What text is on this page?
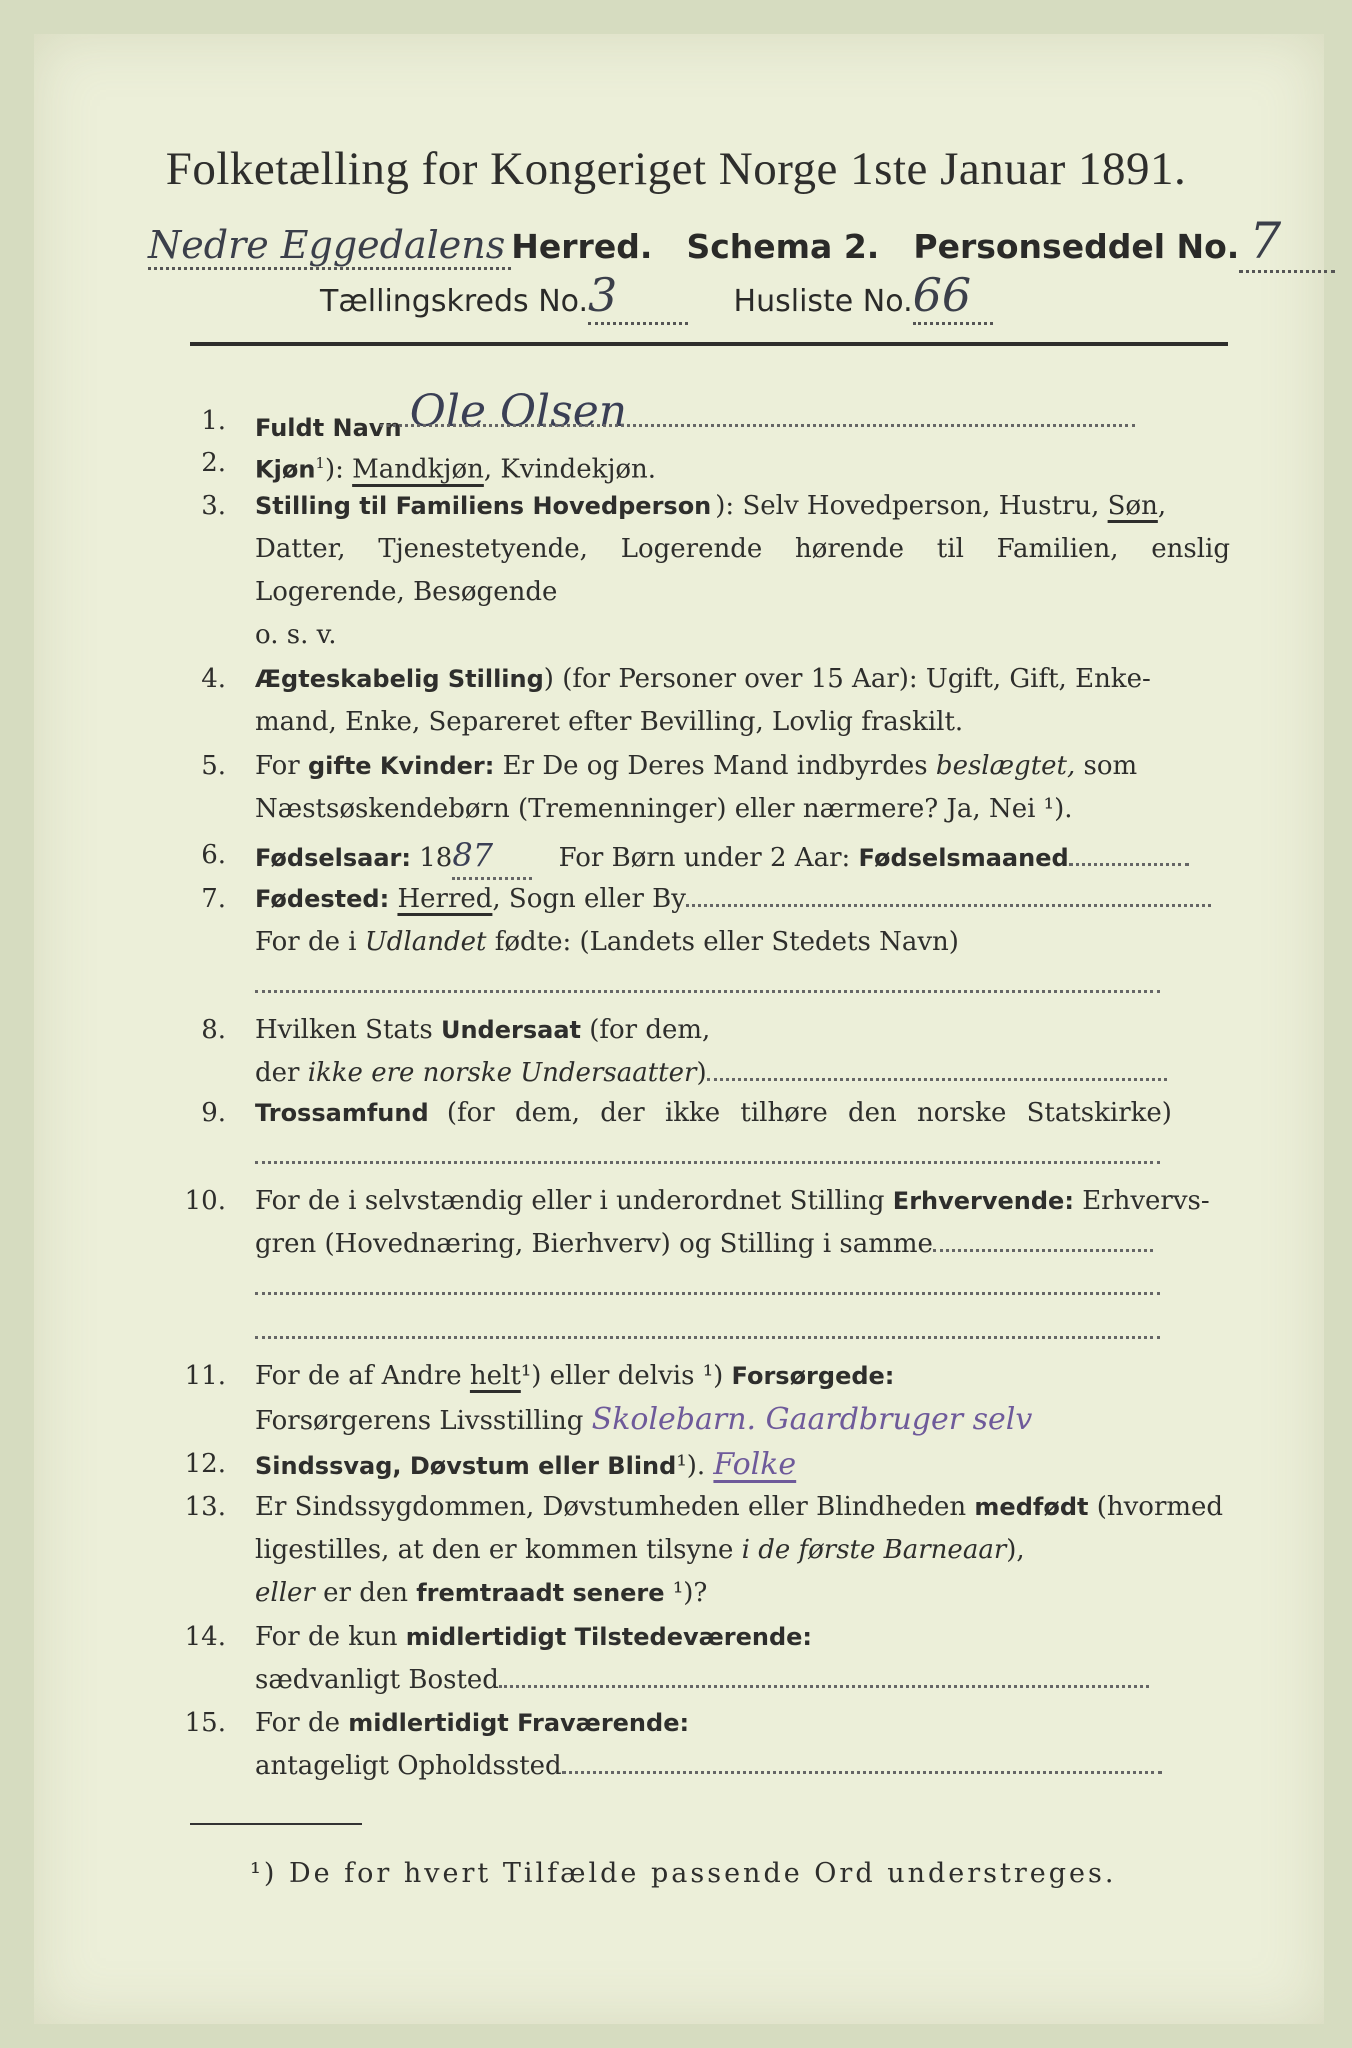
Folketælling for Kongeriget Norge 1ste Januar 1891.
Nedre Eggedalens Herred. Schema 2. Personseddel No. 7
Tællingskreds No.3	Husliste No.66
1. Fuldt Navn Ole Olsen
2. Kjøn$^1$): Mandkjøn, Kvindekjøn.
3. Stilling til Familiens Hovedperson ): Selv Hovedperson, Hustru, Søn,
Datter, Tjenestetyende, Logerende hørende til Familien, enslig
Logerende, Besøgende
o. s. v.
4. Ægteskabelig Stilling) (for Personer over 15 Aar): Ugift, Gift, Enke-
mand, Enke, Separeret efter Bevilling, Lovlig fraskilt.
5. For gifte Kvinder: Er De og Deres Mand indbyrdes beslægtet, som
Næstsøskendebørn (Tremenninger) eller nærmere? Ja, Nei ¹).
6. Fødselsaar: 1887	For Børn under 2 Aar: Fødselsmaaned
7. Fødested: Herred, Sogn eller By
For de i Udlandet fødte: (Landets eller Stedets Navn)
8. Hvilken Stats Undersaat (for dem,
der ikke ere norske Undersaatter)
9. Trossamfund (for dem, der ikke tilhøre den norske Statskirke)
10. For de i selvstændig eller i underordnet Stilling Erhvervende: Erhvervs-
gren (Hovednæring, Bierhverv) og Stilling i samme
11. For de af Andre helt¹) eller delvis ¹) Forsørgede:
Forsørgerens Livsstilling Skolebarn. Gaardbruger selv
12. Sindssvag, Døvstum eller Blind¹). Folke
13. Er Sindssygdommen, Døvstumheden eller Blindheden medfødt (hvormed
ligestilles, at den er kommen tilsyne i de første Barneaar),
eller er den fremtraadt senere ¹)?
14. For de kun midlertidigt Tilstedeværende:
sædvanligt Bosted
15. For de midlertidigt Fraværende:
antageligt Opholdssted
¹) De for hvert Tilfælde passende Ord understreges.
